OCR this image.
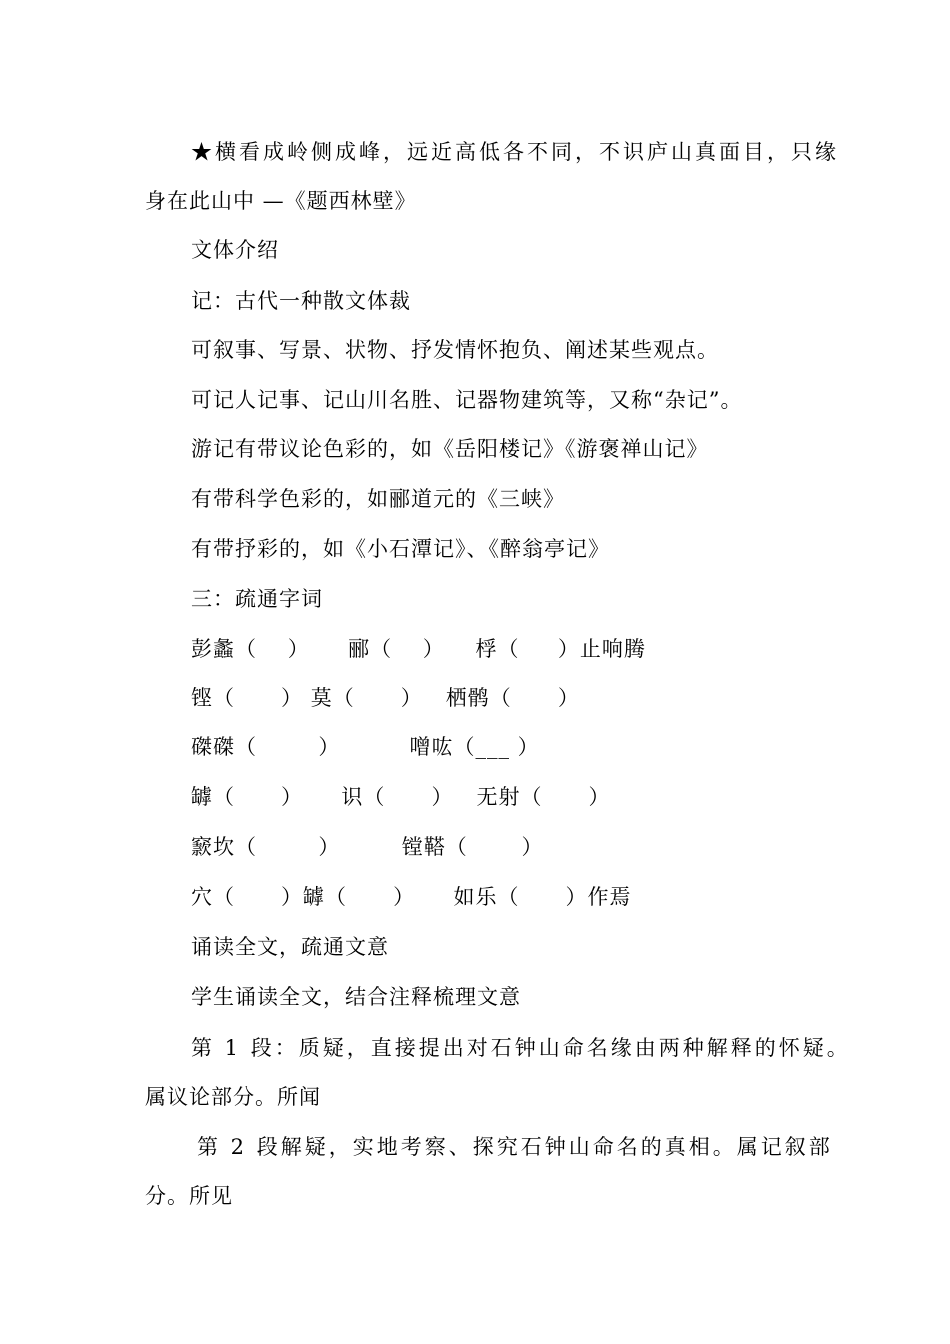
★横看成岭侧成峰，远近高低各不同，不识庐山真面目，只缘
身在此山中 —《题西林壁》
文体介绍
记：古代一种散文体裁
可叙事、写景、状物、抒发情怀抱负、阐述某些观点。
可记人记事、记山川名胜、记器物建筑等，又称“杂记”。
游记有带议论色彩的，如《岳阳楼记》《游褒禅山记》
有带科学色彩的，如郦道元的《三峡》
有带抒彩的，如《小石潭记》、《醉翁亭记》
三：疏通字词
彭蠡（    ）     郦（    ）    桴（     ）止响腾
铿（      ） 莫（      ）   栖鹘（      ）
磔磔（        ）         噌吰（___ ）
罅（      ）     识（      ）   无射（      ）
窾坎（        ）        镗鞳（       ）
穴（      ）罅（      ）     如乐（      ）作焉
诵读全文，疏通文意
学生诵读全文，结合注释梳理文意
第 1 段：质疑，直接提出对石钟山命名缘由两种解释的怀疑。
属议论部分。所闻
第 2 段解疑，实地考察、探究石钟山命名的真相。属记叙部
分。所见
